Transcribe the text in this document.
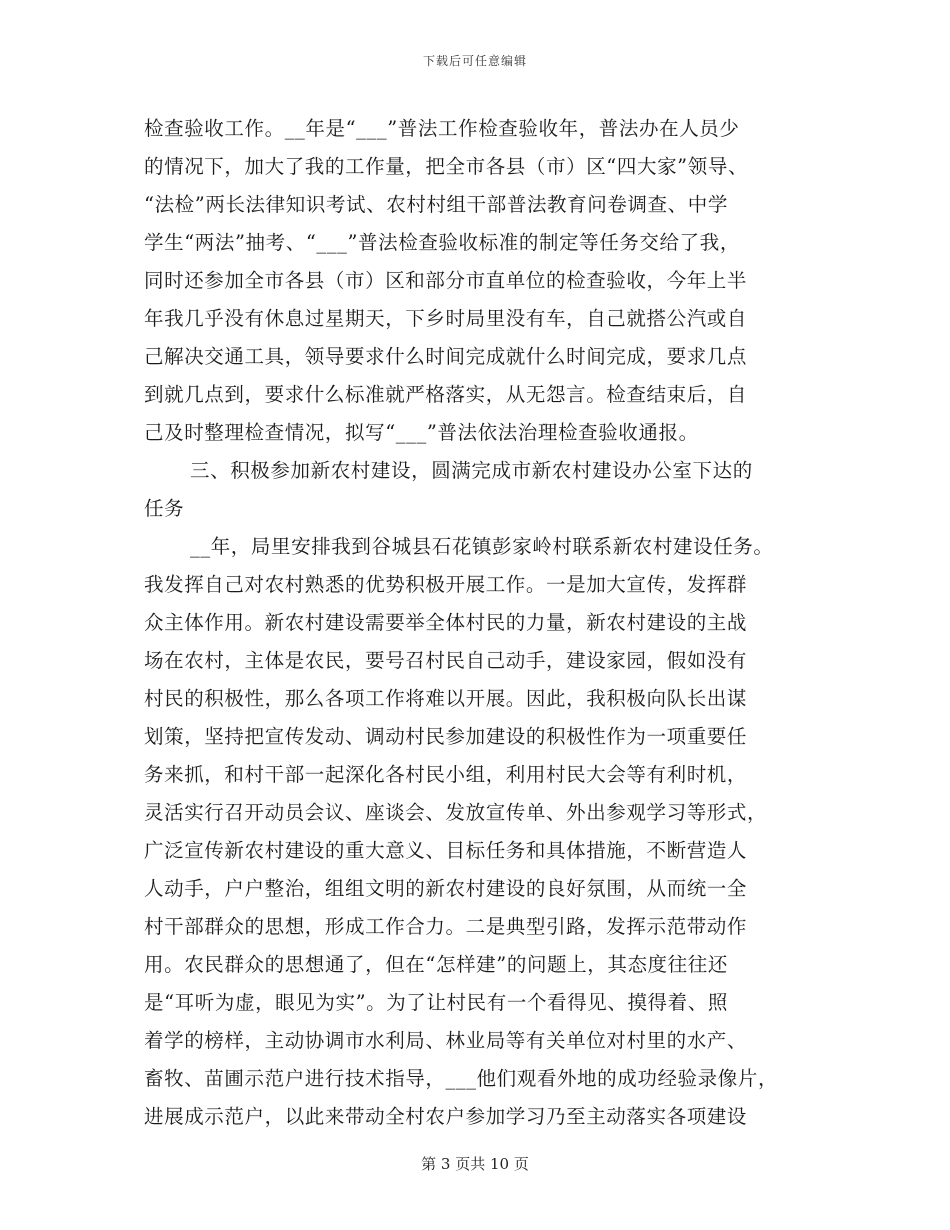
下载后可任意编辑
检查验收工作。__年是“___”普法工作检查验收年，普法办在人员少
的情况下，加大了我的工作量，把全市各县（市）区“四大家”领导、
“法检”两长法律知识考试、农村村组干部普法教育问卷调查、中学
学生“两法”抽考、“___”普法检查验收标准的制定等任务交给了我，
同时还参加全市各县（市）区和部分市直单位的检查验收，今年上半
年我几乎没有休息过星期天，下乡时局里没有车，自己就搭公汽或自
己解决交通工具，领导要求什么时间完成就什么时间完成，要求几点
到就几点到，要求什么标准就严格落实，从无怨言。检查结束后，自
己及时整理检查情况，拟写“___”普法依法治理检查验收通报。
三、积极参加新农村建设，圆满完成市新农村建设办公室下达的
任务
__年，局里安排我到谷城县石花镇彭家岭村联系新农村建设任务。
我发挥自己对农村熟悉的优势积极开展工作。一是加大宣传，发挥群
众主体作用。新农村建设需要举全体村民的力量，新农村建设的主战
场在农村，主体是农民，要号召村民自己动手，建设家园，假如没有
村民的积极性，那么各项工作将难以开展。因此，我积极向队长出谋
划策，坚持把宣传发动、调动村民参加建设的积极性作为一项重要任
务来抓，和村干部一起深化各村民小组，利用村民大会等有利时机，
灵活实行召开动员会议、座谈会、发放宣传单、外出参观学习等形式，
广泛宣传新农村建设的重大意义、目标任务和具体措施，不断营造人
人动手，户户整治，组组文明的新农村建设的良好氛围，从而统一全
村干部群众的思想，形成工作合力。二是典型引路，发挥示范带动作
用。农民群众的思想通了，但在“怎样建”的问题上，其态度往往还
是“耳听为虚，眼见为实”。为了让村民有一个看得见、摸得着、照
着学的榜样，主动协调市水利局、林业局等有关单位对村里的水产、
畜牧、苗圃示范户进行技术指导，___他们观看外地的成功经验录像片，
进展成示范户，以此来带动全村农户参加学习乃至主动落实各项建设
第 3 页共 10 页
